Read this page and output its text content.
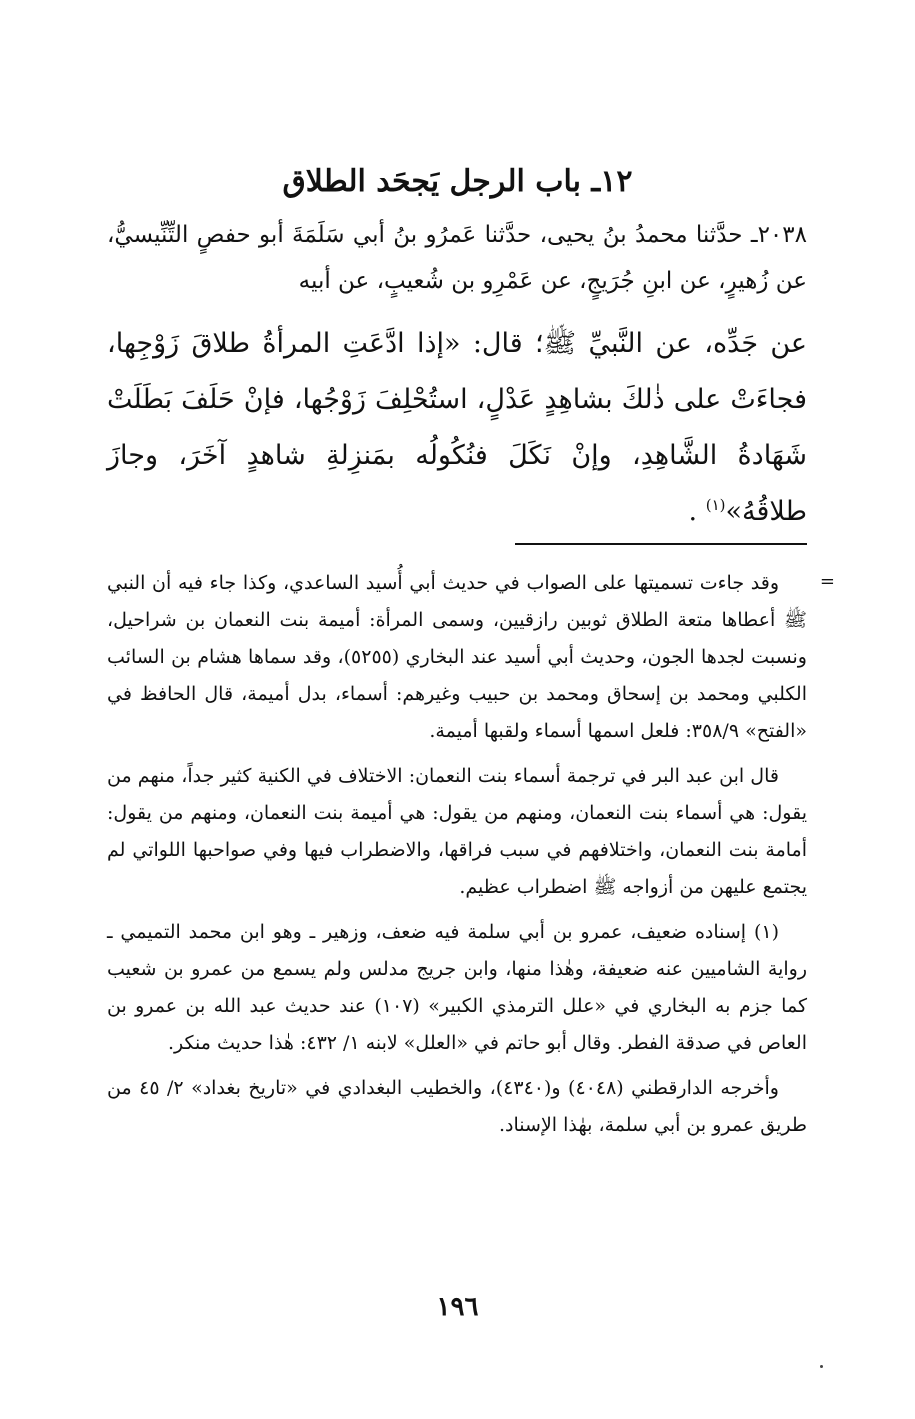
١٢ـ باب الرجل يَجحَد الطلاق

٢٠٣٨ـ حدَّثنا محمدُ بنُ يحيى، حدَّثنا عَمرُو بنُ أبي سَلَمَةَ أبو حفصٍ التِّنِّيسيُّ، عن زُهيرٍ، عن ابنِ جُرَيجٍ، عن عَمْرِو بن شُعيبٍ، عن أبيه

عن جَدِّه، عن النَّبيِّ ﷺ؛ قال: «إذا ادَّعَتِ المرأةُ طلاقَ زَوْجِها، فجاءَتْ على ذٰلكَ بشاهِدٍ عَدْلٍ، استُحْلِفَ زَوْجُها، فإنْ حَلَفَ بَطَلَتْ شَهَادةُ الشَّاهِدِ، وإنْ نَكَلَ فنُكُولُه بمَنزِلةِ شاهدٍ آخَرَ، وجازَ طلاقُهُ»$^{(١)}$ .

=

وقد جاءت تسميتها على الصواب في حديث أبي أُسيد الساعدي، وكذا جاء فيه أن النبي ﷺ أعطاها متعة الطلاق ثوبين رازقيين، وسمى المرأة: أميمة بنت النعمان بن شراحيل، ونسبت لجدها الجون، وحديث أبي أسيد عند البخاري (٥٢٥٥)، وقد سماها هشام بن السائب الكلبي ومحمد بن إسحاق ومحمد بن حبيب وغيرهم: أسماء، بدل أميمة، قال الحافظ في «الفتح» ٣٥٨/٩: فلعل اسمها أسماء ولقبها أميمة.

قال ابن عبد البر في ترجمة أسماء بنت النعمان: الاختلاف في الكنية كثير جداً، منهم من يقول: هي أسماء بنت النعمان، ومنهم من يقول: هي أميمة بنت النعمان، ومنهم من يقول: أمامة بنت النعمان، واختلافهم في سبب فراقها، والاضطراب فيها وفي صواحبها اللواتي لم يجتمع عليهن من أزواجه ﷺ اضطراب عظيم.

(١) إسناده ضعيف، عمرو بن أبي سلمة فيه ضعف، وزهير ـ وهو ابن محمد التميمي ـ رواية الشاميين عنه ضعيفة، وهٰذا منها، وابن جريج مدلس ولم يسمع من عمرو بن شعيب كما جزم به البخاري في «علل الترمذي الكبير» (١٠٧) عند حديث عبد الله بن عمرو بن العاص في صدقة الفطر. وقال أبو حاتم في «العلل» لابنه ١/ ٤٣٢: هٰذا حديث منكر.

وأخرجه الدارقطني (٤٠٤٨) و(٤٣٤٠)، والخطيب البغدادي في «تاريخ بغداد» ٢/ ٤٥ من طريق عمرو بن أبي سلمة، بهٰذا الإسناد.

١٩٦
